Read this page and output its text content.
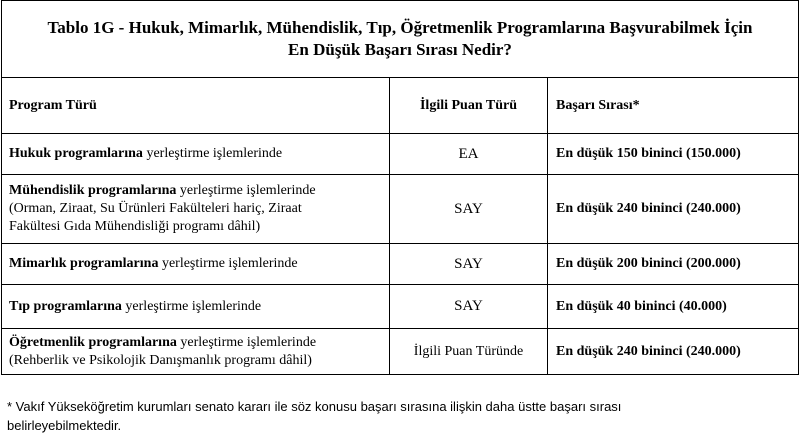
Tablo 1G - Hukuk, Mimarlık, Mühendislik, Tıp, Öğretmenlik Programlarına Başvurabilmek İçin
En Düşük Başarı Sırası Nedir?		

Program Türü	İlgili Puan Türü	Başarı Sırası*
Hukuk programlarına yerleştirme işlemlerinde	EA	En düşük 150 bininci (150.000)
Mühendislik programlarına yerleştirme işlemlerinde
(Orman, Ziraat, Su Ürünleri Fakülteleri hariç, Ziraat
Fakültesi Gıda Mühendisliği programı dâhil)	SAY	En düşük 240 bininci (240.000)
Mimarlık programlarına yerleştirme işlemlerinde	SAY	En düşük 200 bininci (200.000)
Tıp programlarına yerleştirme işlemlerinde	SAY	En düşük 40 bininci (40.000)
Öğretmenlik programlarına yerleştirme işlemlerinde
(Rehberlik ve Psikolojik Danışmanlık programı dâhil)	İlgili Puan Türünde	En düşük 240 bininci (240.000)
* Vakıf Yükseköğretim kurumları senato kararı ile söz konusu başarı sırasına ilişkin daha üstte başarı sırası
belirleyebilmektedir.
